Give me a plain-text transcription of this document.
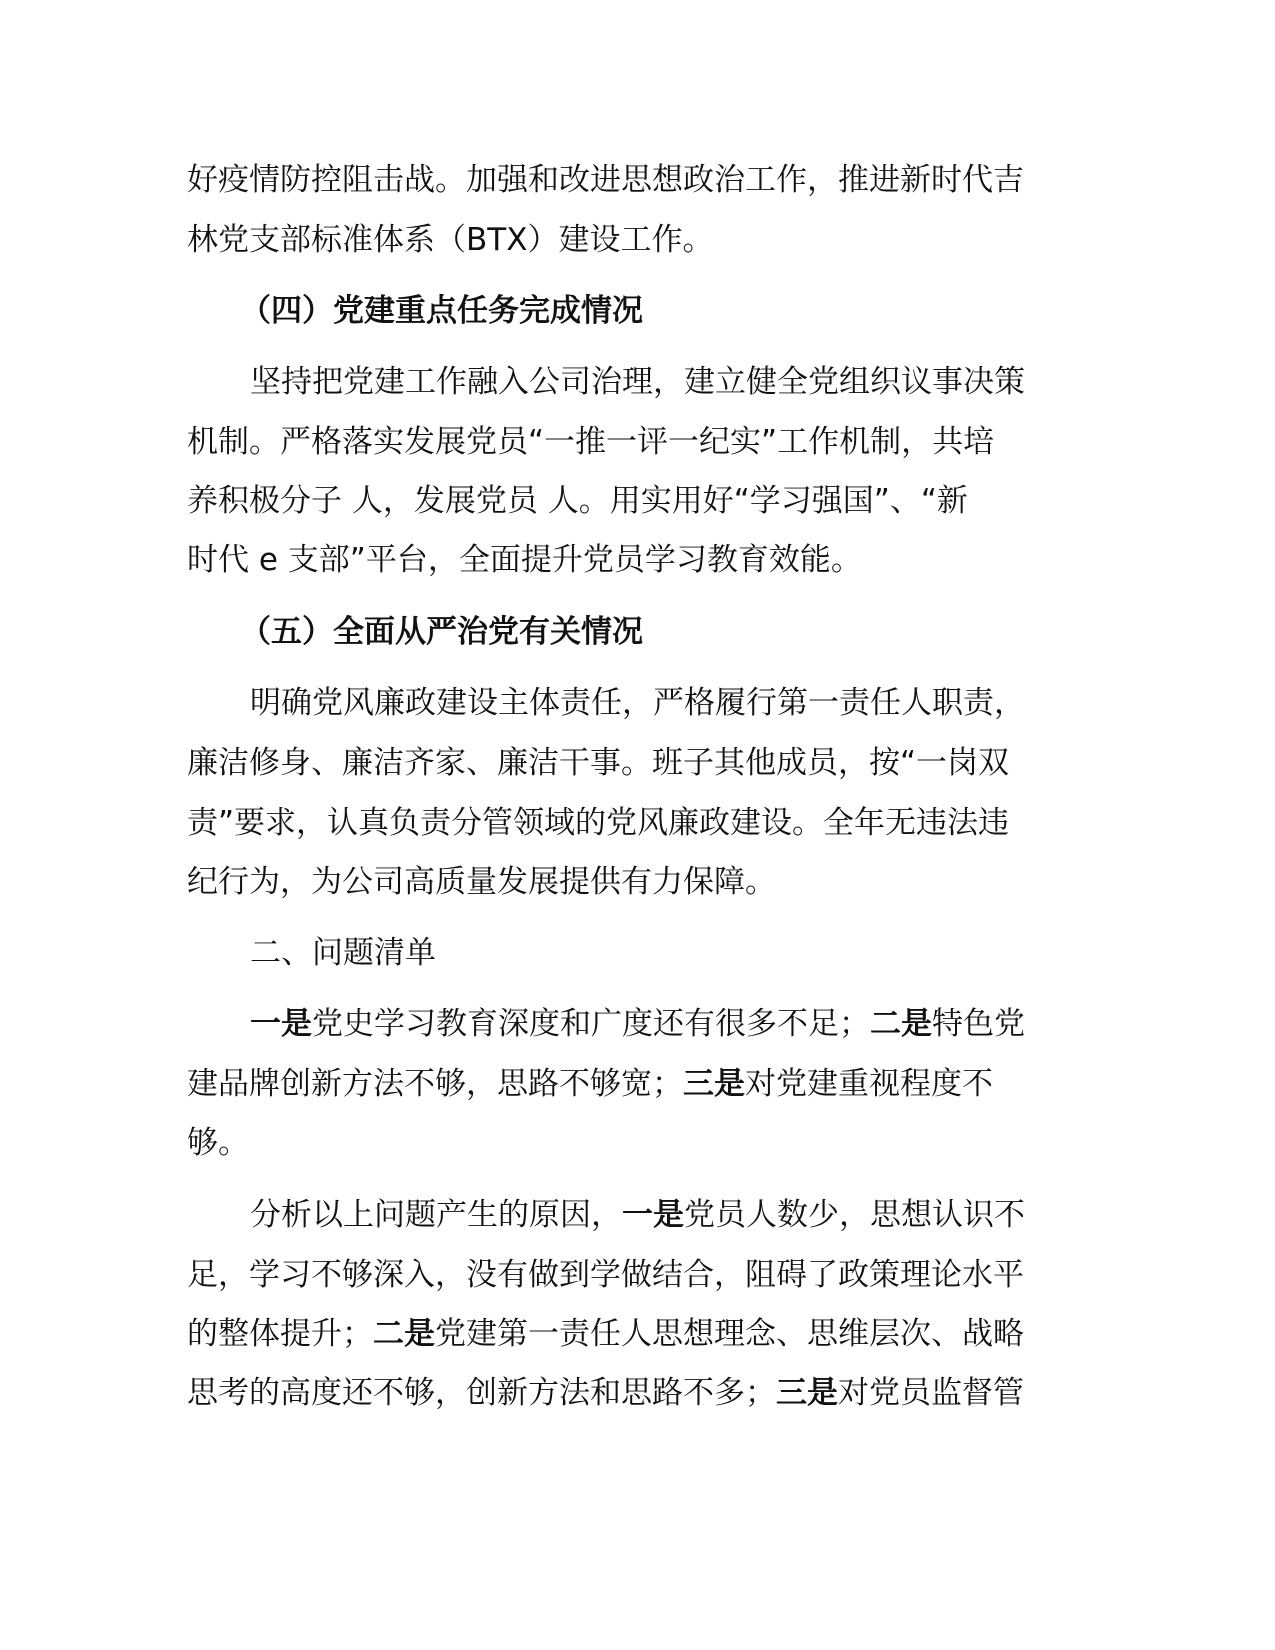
好疫情防控阻击战。加强和改进思想政治工作，推进新时代吉
林党支部标准体系（BTX）建设工作。
（四）党建重点任务完成情况
坚持把党建工作融入公司治理，建立健全党组织议事决策
机制。严格落实发展党员“一推一评一纪实”工作机制，共培
养积极分子 人，发展党员 人。用实用好“学习强国”、“新
时代 e 支部”平台，全面提升党员学习教育效能。
（五）全面从严治党有关情况
明确党风廉政建设主体责任，严格履行第一责任人职责，
廉洁修身、廉洁齐家、廉洁干事。班子其他成员，按“一岗双
责”要求，认真负责分管领域的党风廉政建设。全年无违法违
纪行为，为公司高质量发展提供有力保障。
二、问题清单
一是党史学习教育深度和广度还有很多不足；二是特色党
建品牌创新方法不够，思路不够宽；三是对党建重视程度不
够。
分析以上问题产生的原因，一是党员人数少，思想认识不
足，学习不够深入，没有做到学做结合，阻碍了政策理论水平
的整体提升；二是党建第一责任人思想理念、思维层次、战略
思考的高度还不够，创新方法和思路不多；三是对党员监督管
